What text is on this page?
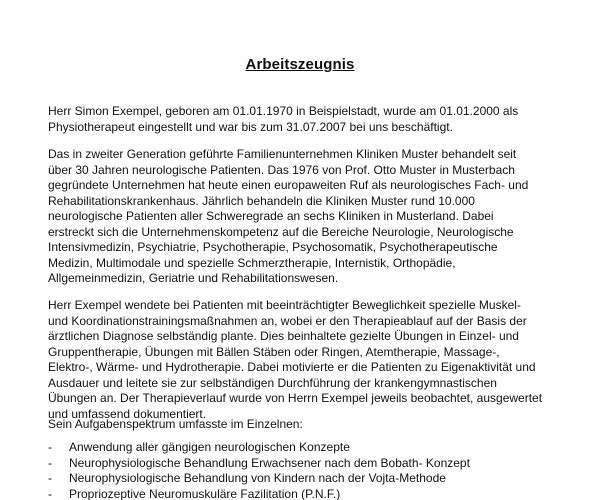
Arbeitszeugnis

Herr Simon Exempel, geboren am 01.01.1970 in Beispielstadt, wurde am 01.01.2000 als
Physiotherapeut eingestellt und war bis zum 31.07.2007 bei uns beschäftigt.

Das in zweiter Generation geführte Familienunternehmen Kliniken Muster behandelt seit
über 30 Jahren neurologische Patienten. Das 1976 von Prof. Otto Muster in Musterbach
gegründete Unternehmen hat heute einen europaweiten Ruf als neurologisches Fach- und
Rehabilitationskrankenhaus. Jährlich behandeln die Kliniken Muster rund 10.000
neurologische Patienten aller Schweregrade an sechs Kliniken in Musterland. Dabei
erstreckt sich die Unternehmenskompetenz auf die Bereiche Neurologie, Neurologische
Intensivmedizin, Psychiatrie, Psychotherapie, Psychosomatik, Psychotherapeutische
Medizin, Multimodale und spezielle Schmerztherapie, Internistik, Orthopädie,
Allgemeinmedizin, Geriatrie und Rehabilitationswesen.

Herr Exempel wendete bei Patienten mit beeinträchtigter Beweglichkeit spezielle Muskel-
und Koordinationstrainingsmaßnahmen an, wobei er den Therapieablauf auf der Basis der
ärztlichen Diagnose selbständig plante. Dies beinhaltete gezielte Übungen in Einzel- und
Gruppentherapie, Übungen mit Bällen Stäben oder Ringen, Atemtherapie, Massage-,
Elektro-, Wärme- und Hydrotherapie. Dabei motivierte er die Patienten zu Eigenaktivität und
Ausdauer und leitete sie zur selbständigen Durchführung der krankengymnastischen
Übungen an. Der Therapieverlauf wurde von Herrn Exempel jeweils beobachtet, ausgewertet
und umfassend dokumentiert.

Sein Aufgabenspektrum umfasste im Einzelnen:

- Anwendung aller gängigen neurologischen Konzepte
- Neurophysiologische Behandlung Erwachsener nach dem Bobath- Konzept
- Neurophysiologische Behandlung von Kindern nach der Vojta-Methode
- Propriozeptive Neuromuskuläre Fazilitation (P.N.F.)
